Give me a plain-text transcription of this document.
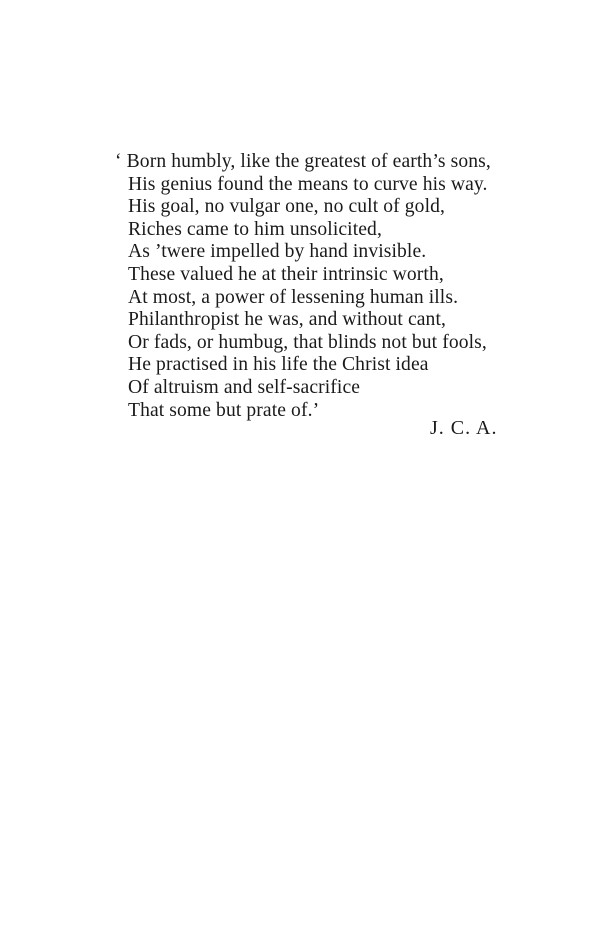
‘ Born humbly, like the greatest of earth’s sons,
His genius found the means to curve his way.
His goal, no vulgar one, no cult of gold,
Riches came to him unsolicited,
As ’twere impelled by hand invisible.
These valued he at their intrinsic worth,
At most, a power of lessening human ills.
Philanthropist he was, and without cant,
Or fads, or humbug, that blinds not but fools,
He practised in his life the Christ idea
Of altruism and self-sacrifice
That some but prate of.’
J. C. A.
